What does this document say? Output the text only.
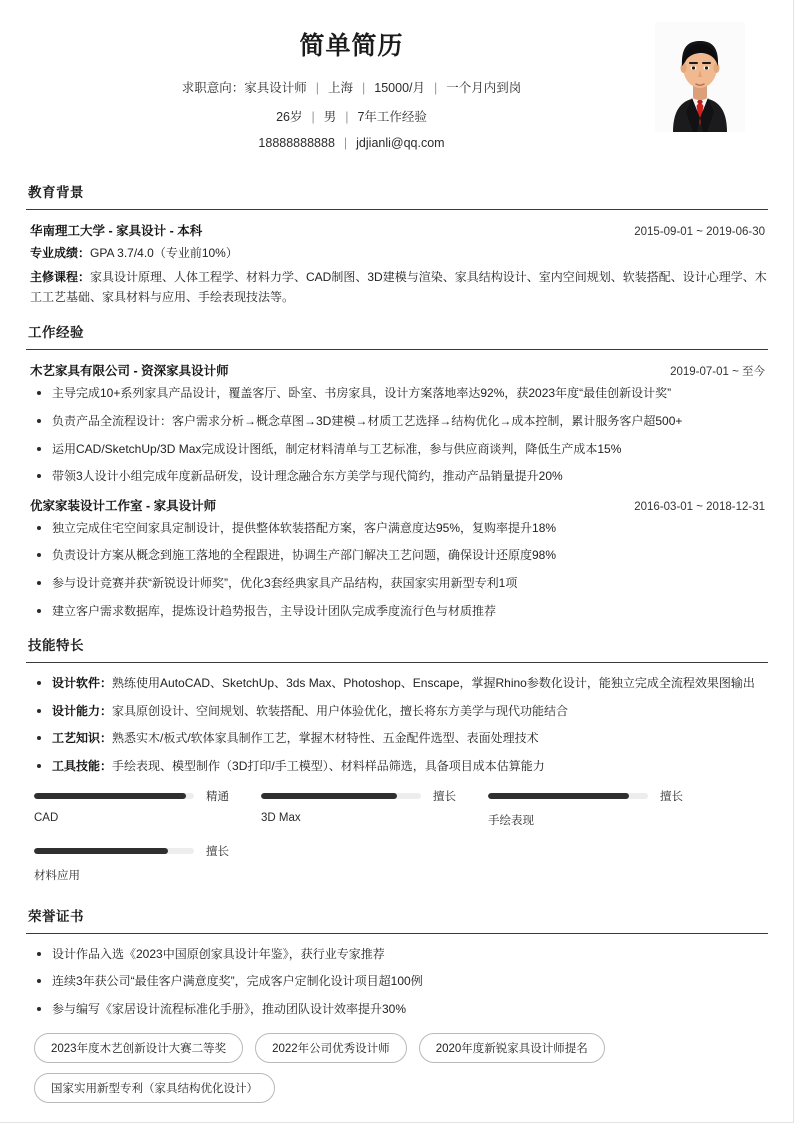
简单简历
求职意向：家具设计师 | 上海 | 15000/月 | 一个月内到岗
26岁 | 男 | 7年工作经验
18888888888 | jdjianli@qq.com
教育背景
华南理工大学 - 家具设计 - 本科	2015-09-01 ~ 2019-06-30
专业成绩：GPA 3.7/4.0（专业前10%）
主修课程：家具设计原理、人体工程学、材料力学、CAD制图、3D建模与渲染、家具结构设计、室内空间规划、软装搭配、设计心理学、木工工艺基础、家具材料与应用、手绘表现技法等。
工作经验
木艺家具有限公司 - 资深家具设计师	2019-07-01 ~ 至今
主导完成10+系列家具产品设计，覆盖客厅、卧室、书房家具，设计方案落地率达92%，获2023年度“最佳创新设计奖”
负责产品全流程设计：客户需求分析→概念草图→3D建模→材质工艺选择→结构优化→成本控制，累计服务客户超500+
运用CAD/SketchUp/3D Max完成设计图纸，制定材料清单与工艺标准，参与供应商谈判，降低生产成本15%
带领3人设计小组完成年度新品研发，设计理念融合东方美学与现代简约，推动产品销量提升20%
优家家装设计工作室 - 家具设计师	2016-03-01 ~ 2018-12-31
独立完成住宅空间家具定制设计，提供整体软装搭配方案，客户满意度达95%，复购率提升18%
负责设计方案从概念到施工落地的全程跟进，协调生产部门解决工艺问题，确保设计还原度98%
参与设计竞赛并获“新锐设计师奖”，优化3套经典家具产品结构，获国家实用新型专利1项
建立客户需求数据库，提炼设计趋势报告，主导设计团队完成季度流行色与材质推荐
技能特长
设计软件：熟练使用AutoCAD、SketchUp、3ds Max、Photoshop、Enscape，掌握Rhino参数化设计，能独立完成全流程效果图输出
设计能力：家具原创设计、空间规划、软装搭配、用户体验优化，擅长将东方美学与现代功能结合
工艺知识：熟悉实木/板式/软体家具制作工艺，掌握木材特性、五金配件选型、表面处理技术
工具技能：手绘表现、模型制作（3D打印/手工模型）、材料样品筛选，具备项目成本估算能力
精通
CAD
擅长
3D Max
擅长
手绘表现
擅长
材料应用
荣誉证书
设计作品入选《2023中国原创家具设计年鉴》，获行业专家推荐
连续3年获公司“最佳客户满意度奖”，完成客户定制化设计项目超100例
参与编写《家居设计流程标准化手册》，推动团队设计效率提升30%
2023年度木艺创新设计大赛二等奖	2022年公司优秀设计师	2020年度新锐家具设计师提名
国家实用新型专利（家具结构优化设计）
